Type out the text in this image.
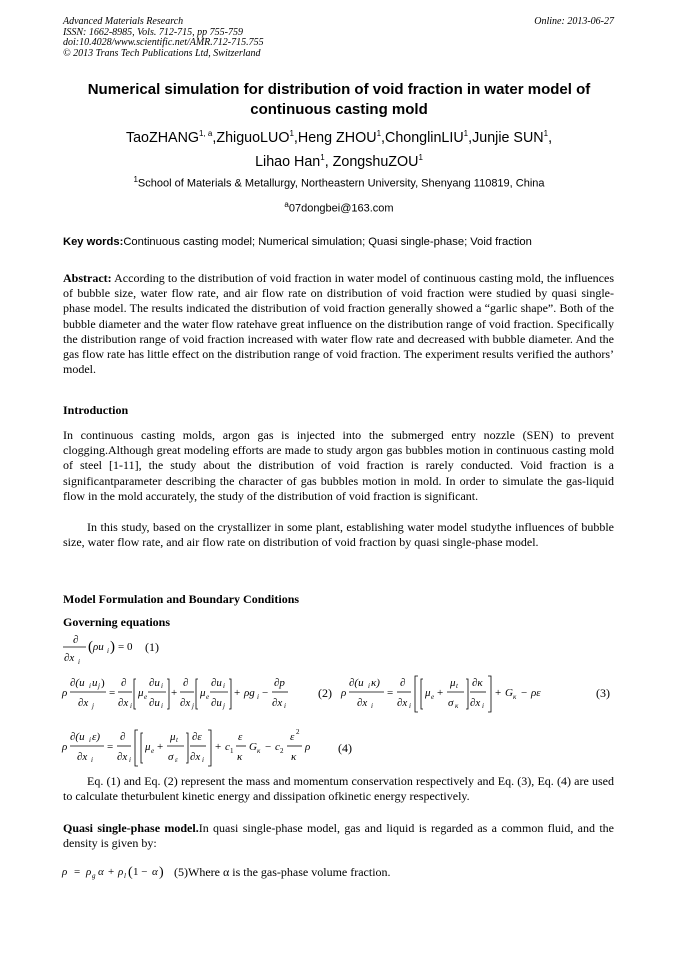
Advanced Materials Research
ISSN: 1662-8985, Vols. 712-715, pp 755-759
doi:10.4028/www.scientific.net/AMR.712-715.755
© 2013 Trans Tech Publications Ltd, Switzerland
Online: 2013-06-27
Numerical simulation for distribution of void fraction in water model of continuous casting mold
TaoZHANG$^{1, a}$,ZhiguoLUO$^1$,Heng ZHOU$^1$,ChonglinLIU$^1$,Junjie SUN$^1$,
Lihao Han$^1$, ZongshuZOU$^1$
$^1$School of Materials & Metallurgy, Northeastern University, Shenyang 110819, China
$^a$07dongbei@163.com
Key words:Continuous casting model; Numerical simulation; Quasi single-phase; Void fraction
Abstract: According to the distribution of void fraction in water model of continuous casting mold, the influences of bubble size, water flow rate, and air flow rate on distribution of void fraction were studied by quasi single-phase model. The results indicated the distribution of void fraction generally showed a “garlic shape”. Both of the bubble diameter and the water flow ratehave great influence on the distribution range of void fraction. Specifically the distribution range of void fraction increased with water flow rate and decreased with bubble diameter. And the gas flow rate has little effect on the distribution range of void fraction. The experiment results verified the authors’ model.
Introduction
In continuous casting molds, argon gas is injected into the submerged entry nozzle (SEN) to prevent clogging.Although great modeling efforts are made to study argon gas bubbles motion in continuous casting mold of steel [1-11], the study about the distribution of void fraction is rarely conducted. Void fraction is a significantparameter describing the character of gas bubbles motion in mold. In order to simulate the gas-liquid flow in the mold accurately, the study of the distribution of void fraction is significant.
In this study, based on the crystallizer in some plant, establishing water model studythe influences of bubble size, water flow rate, and air flow rate on distribution of void fraction by quasi single-phase model.
Model Formulation and Boundary Conditions
Governing equations
∂
∂x i
( ρu i ) = 0 (1)
ρ
∂(u i u j )
∂x j
=
∂
∂x i
μ e
∂u i
∂u i
+
∂
∂x j
μ e
∂u i
∂u j
+ ρg i −
∂p
∂x i
(2) ρ
∂(u i κ)
∂x i
=
∂
∂x i
μ e +
μ t
σ κ
∂κ
∂x i
+ G κ − ρε	(3)
ρ
∂(u i ε)
∂x i
=
∂
∂x i
μ e +
μ t
σ ε
∂ε
∂x i
+ c 1
ε
κ
G κ − c 2
ε 2
κ
ρ (4)
Eq. (1) and Eq. (2) represent the mass and momentum conservation respectively and Eq. (3), Eq. (4) are used to calculate theturbulent kinetic energy and dissipation ofkinetic energy respectively.
Quasi single-phase model.In quasi single-phase model, gas and liquid is regarded as a common fluid, and the density is given by:
ρ = ρ g α + ρ l ( 1 − α ) (5)Where α is the gas-phase volume fraction.
